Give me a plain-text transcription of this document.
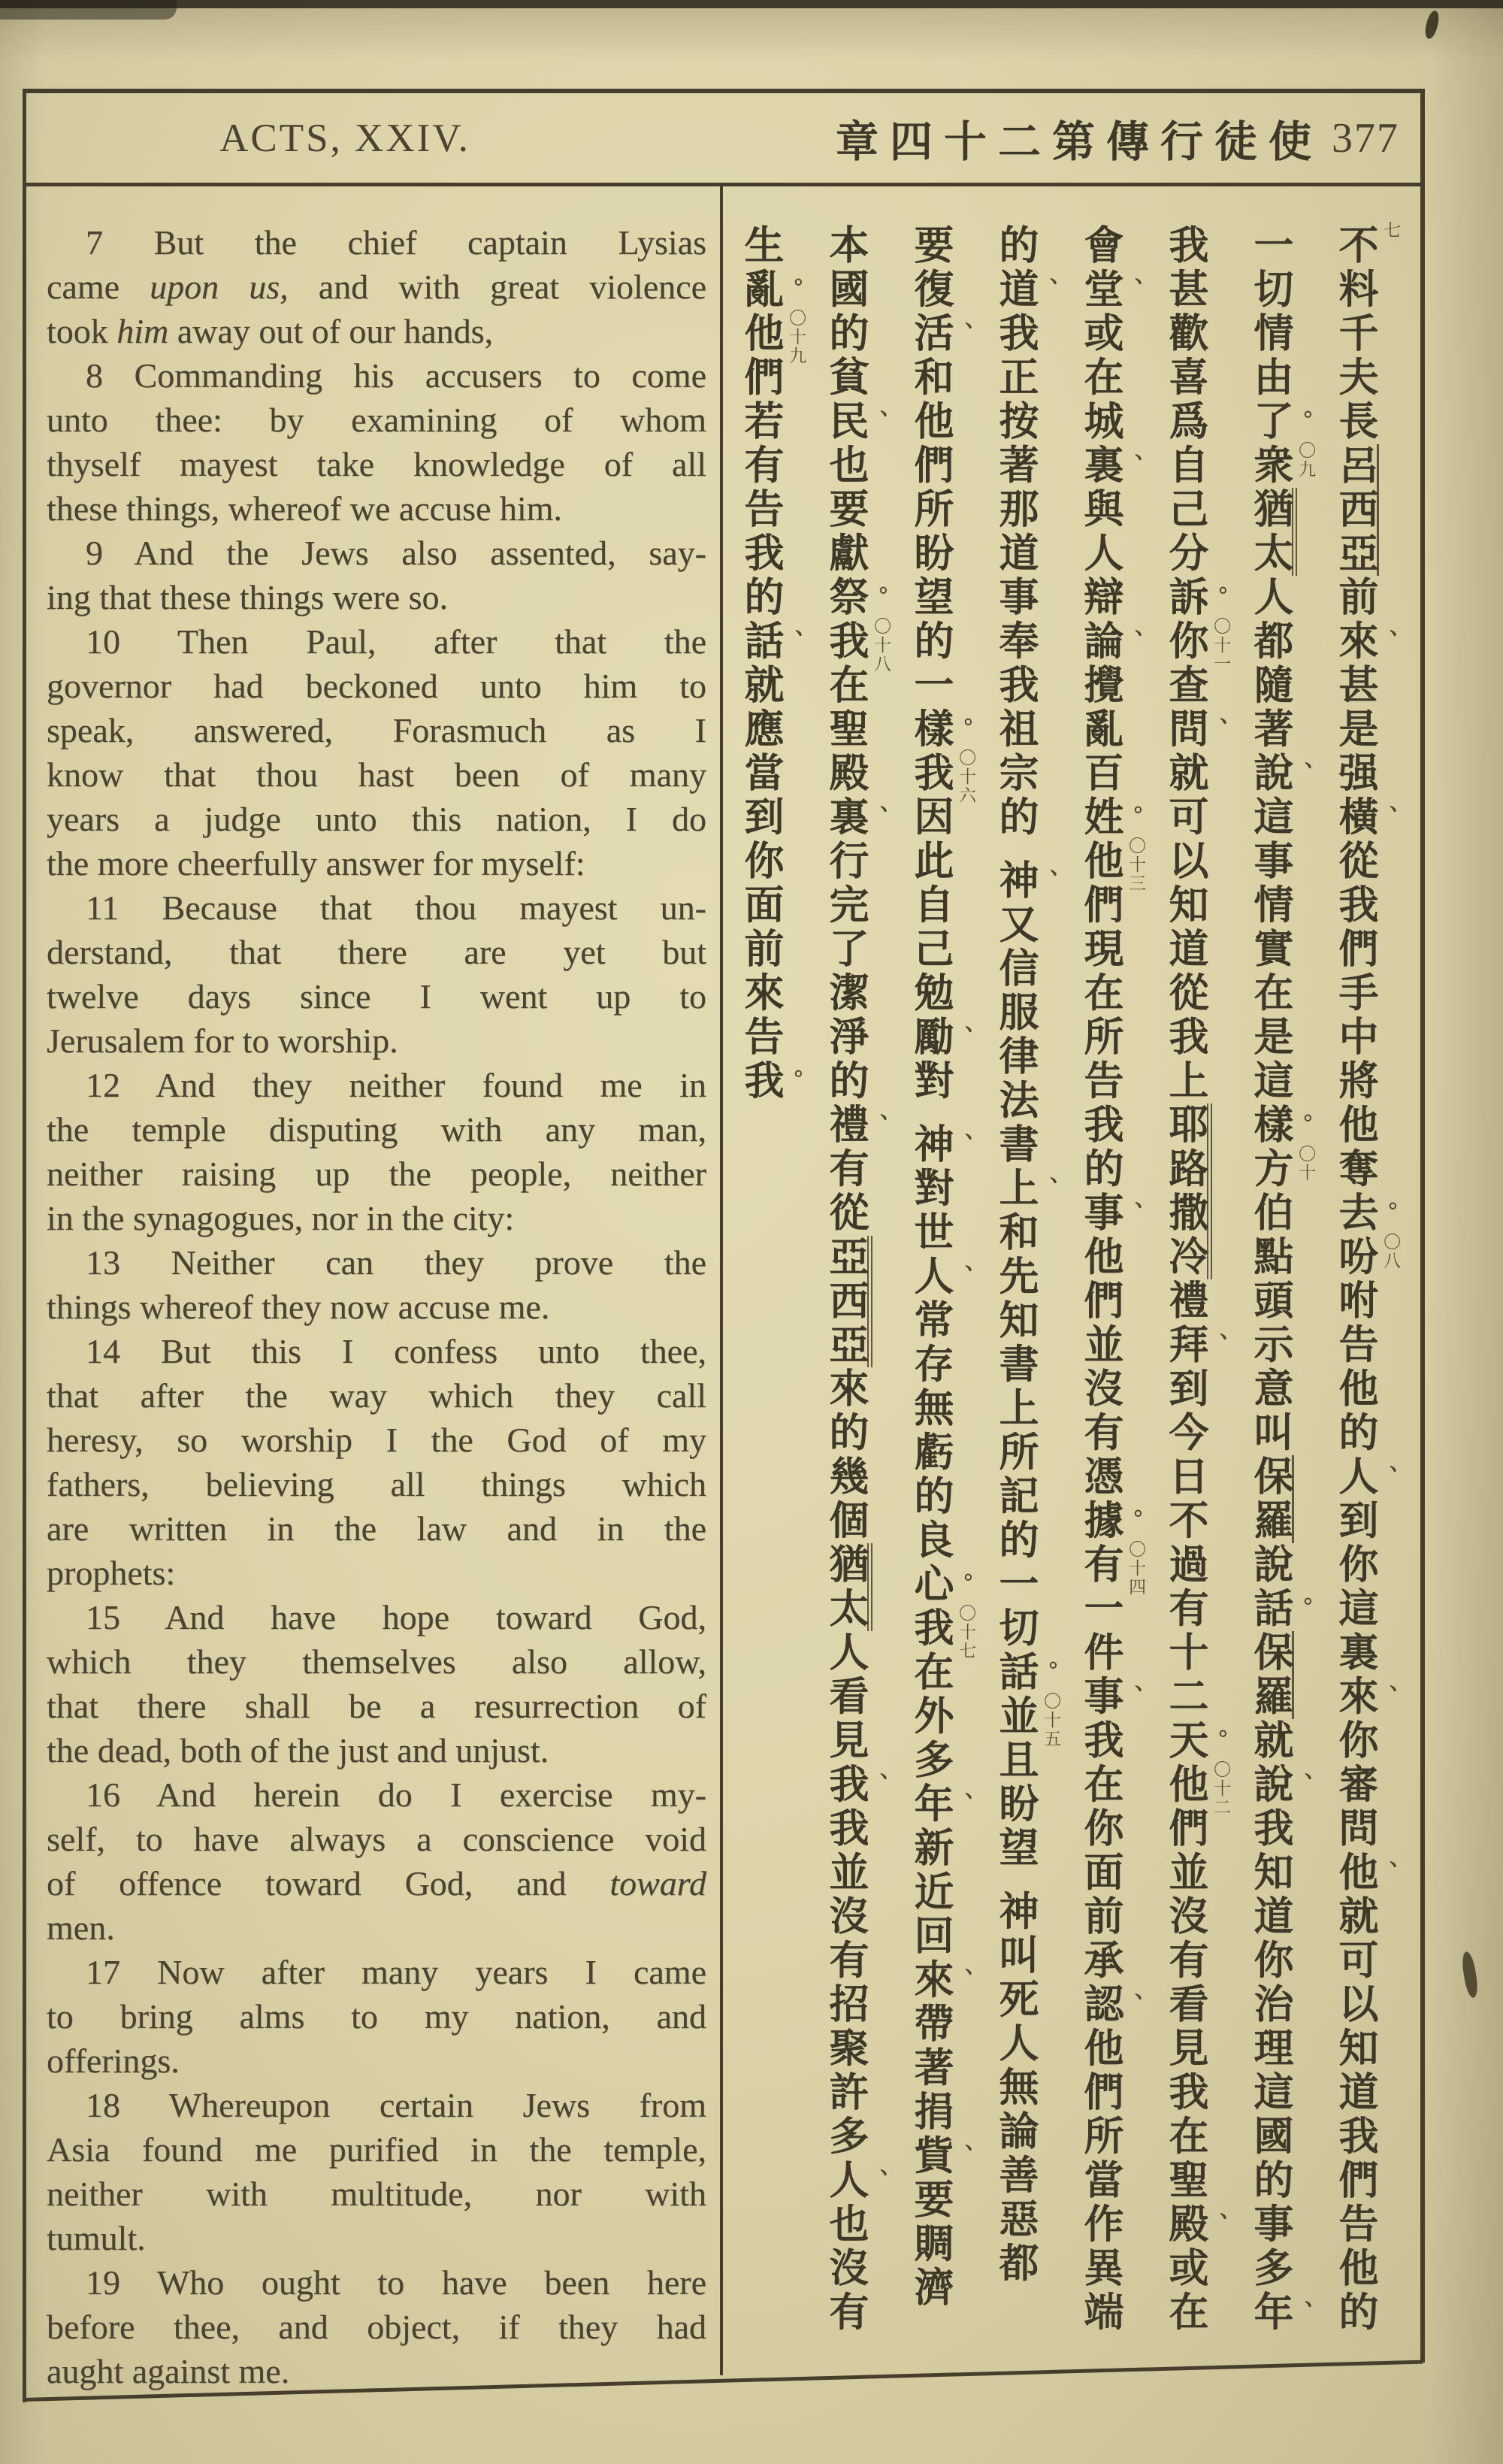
ACTS, XXIV.	章四十二第傳行徒使 377
7 But the chief captain Lysias
came upon us, and with great violence
took him away out of our hands,
8 Commanding his accusers to come
unto thee: by examining of whom
thyself mayest take knowledge of all
these things, whereof we accuse him.
9 And the Jews also assented, say-
ing that these things were so.
10 Then Paul, after that the
governor had beckoned unto him to
speak, answered, Forasmuch as I
know that thou hast been of many
years a judge unto this nation, I do
the more cheerfully answer for myself:
11 Because that thou mayest un-
derstand, that there are yet but
twelve days since I went up to
Jerusalem for to worship.
12 And they neither found me in
the temple disputing with any man,
neither raising up the people, neither
in the synagogues, nor in the city:
13 Neither can they prove the
things whereof they now accuse me.
14 But this I confess unto thee,
that after the way which they call
heresy, so worship I the God of my
fathers, believing all things which
are written in the law and in the
prophets:
15 And have hope toward God,
which they themselves also allow,
that there shall be a resurrection of
the dead, both of the just and unjust.
16 And herein do I exercise my-
self, to have always a conscience void
of offence toward God, and toward
men.
17 Now after many years I came
to bring alms to my nation, and
offerings.
18 Whereupon certain Jews from
Asia found me purified in the temple,
neither with multitude, nor with
tumult.
19 Who ought to have been here
before thee, and object, if they had
aught against me.
七
不料千夫長呂西亞前來
、
甚是强橫
、
從我們手中將他奪去
。
〇八
吩咐告他的人
、
到你這裏來
、
你審問他
、
就可以知道我們告他的
一切情由了
。
〇九
衆猶太人都隨著說
、
這事情實在是這樣
。
〇十
方伯點頭示意叫保羅說話
。
保羅就說
、
我知道你治理這國的事多年
、
我甚歡喜爲自己分訴
。
〇十一
你查問
、
就可以知道從我上耶路撒冷禮拜
、
到今日不過有十二天
。
〇十二
他們並沒有看見我在聖殿
、
或在
會堂
、
或在城裏
、
與人辯論
、
攪亂百姓
。
〇十三
他們現在所告我的事
、
他們並沒有憑據
。
〇十四
有一件事
、
我在你面前承認
、
他們所當作異端
的道
、
我正按著那道事奉我祖宗的神
、
又信服律法書上
、
和先知書上所記的一切話
。
〇十五
並且盼望神叫死人無論善惡都
要復活
、
和他們所盼望的一樣
。
〇十六
我因此自己勉勵
、
對神
、
對世人
、
常存無虧的良心
。
〇十七
我在外多年
、
新近回來
、
帶著捐貲
、
要賙濟
本國的貧民
、
也要獻祭
。
〇十八
我在聖殿裏
、
行完了潔淨的禮
、
有從亞西亞來的幾個猶太人看見我
、
我並沒有招聚許多人
、
也沒有
生亂
。
〇十九
他們若有告我的話
、
就應當到你面前來告我
。
